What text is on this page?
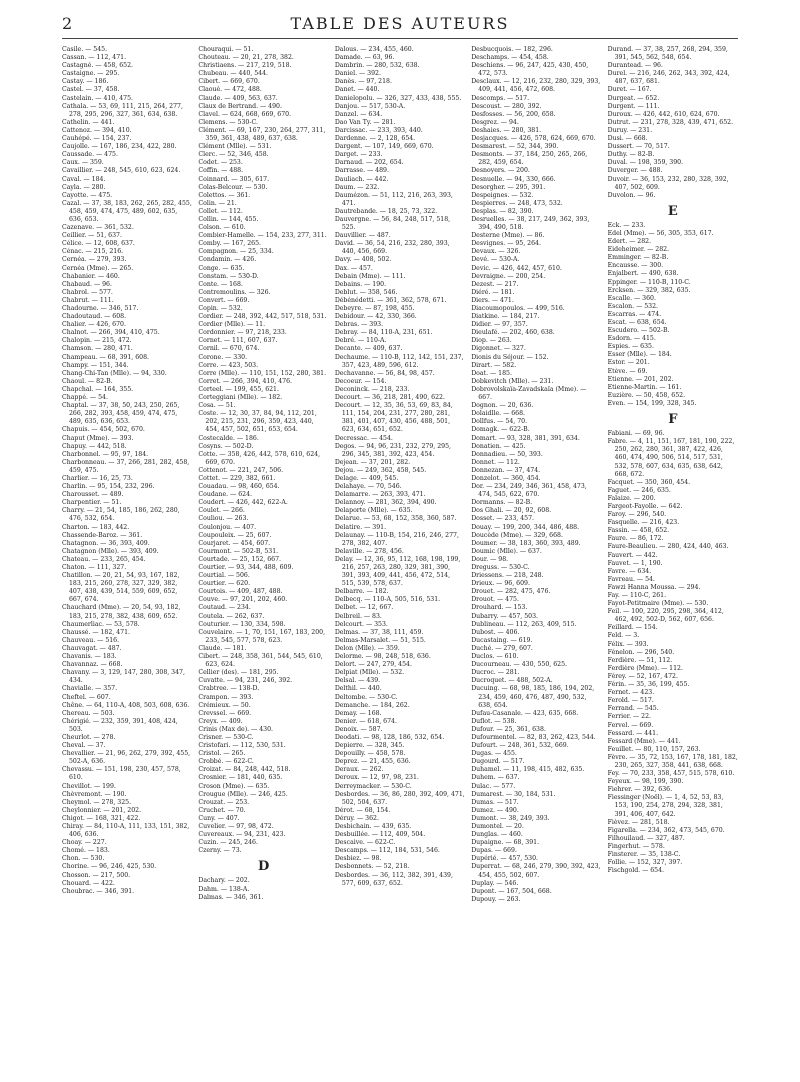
2	TABLE DES AUTEURS
Casile. — 545.
Cassan. — 112, 471.
Castagné. — 458, 652.
Castaigne. — 295.
Castay. — 186.
Castel. — 37, 458.
Castelain. — 410, 475.
Cathala. — 53, 69, 111, 215, 264, 277, 278, 295, 296, 327, 361, 634, 638.
Cathelin. — 441.
Cattenoz. — 394, 410.
Cauhépé. — 154, 237.
Caujolle. — 167, 186, 234, 422, 280.
Caussade. — 475.
Caux. — 359.
Cavaillier. — 248, 545, 610, 623, 624.
Caval. — 184.
Cayla. — 280.
Cayotte. — 475.
Cazal. — 37, 38, 183, 262, 265, 282, 455, 458, 459, 474, 475, 489, 602, 635, 636, 653.
Cazenave. — 361, 532.
Ceillier. — 51, 637.
Célice. — 12, 608, 637.
Cénac. — 215, 216.
Cernéa. — 279, 393.
Cernéa (Mme). — 265.
Chabanier. — 460.
Chabaud. — 96.
Chabrol. — 577.
Chabrut. — 111.
Chadourne. — 346, 517.
Chadoutaud. — 608.
Chalier. — 426, 670.
Chalnot. — 266, 394, 410, 475.
Chalopin. — 215, 472.
Chamson. — 280, 471.
Champeau. — 68, 391, 608.
Champy. — 151, 344.
Chang-Chi-Tan (Mlle). — 94, 330.
Chaoul. — 82-B.
Chapchal. — 164, 355.
Chappé. — 54.
Chaptal. — 37, 38, 50, 243, 250, 265, 266, 282, 393, 458, 459, 474, 475, 489, 635, 636, 653.
Chapuis. — 454, 502, 670.
Chaput (Mme). — 393.
Chapuy. — 442, 518.
Charbonnel. — 95, 97, 184.
Charbonneau. — 37, 266, 281, 282, 458, 459, 475.
Charlier. — 16, 25, 73.
Charlin. — 95, 154, 232, 296.
Charousset. — 489.
Charpentier. — 51.
Charry. — 21, 54, 185, 186, 262, 280, 476, 532, 654.
Charton. — 183, 442.
Chassende-Baroz. — 361.
Chatagnon. — 36, 393, 409.
Chatagnon (Mlle). — 393, 409.
Chateau. — 233, 265, 454.
Chaton. — 111, 327.
Chatillon. — 20, 21, 54, 93, 167, 182, 183, 215, 260, 278, 327, 329, 382, 407, 438, 439, 514, 559, 609, 652, 667, 674.
Chauchard (Mme). — 20, 54, 93, 182, 183, 215, 278, 382, 438, 609, 652.
Chaumerliac. — 53, 578.
Chaussé. — 182, 471.
Chauveau. — 516.
Chauvagat. — 487.
Chavanis. — 183.
Chavannaz. — 668.
Chavany. — 3, 129, 147, 280, 308, 347, 434.
Chavialle. — 357.
Cheftel. — 607.
Chêne. — 64, 110-A, 408, 503, 608, 636.
Chereau. — 503.
Chérigié. — 232, 359, 391, 408, 424, 503.
Cheurlot. — 278.
Cheval. — 37.
Chevallier. — 21, 96, 262, 279, 392, 455, 502-A, 636.
Chevassu. — 151, 198, 230, 457, 578, 610.
Chevillot. — 199.
Chèvremont. — 190.
Cheymol. — 278, 325.
Cheylonnier. — 201, 202.
Chigot. — 168, 321, 422.
Chiray. — 84, 110-A, 111, 133, 151, 382, 406, 636.
Choay. — 227.
Chomé. — 183.
Chon. — 530.
Chorine. — 96, 246, 425, 530.
Chosson. — 217, 500.
Chouard. — 422.
Choubrac. — 346, 391.
Chouraqui. — 51.
Chouteau. — 20, 21, 278, 382.
Christiaens. — 217, 219, 518.
Chubeau. — 440, 544.
Cibert. — 669, 670.
Claoué. — 472, 488.
Claude. — 409, 563, 637.
Claux de Bertrand. — 490.
Clavel. — 624, 668, 669, 670.
Clemens. — 530-C.
Clément. — 69, 167, 230, 264, 277, 311, 359, 361, 438, 489, 637, 638.
Clément (Mlle). — 531.
Clerc. — 52, 346, 458.
Codet. — 253.
Coffin. — 488.
Coinnard. — 305, 617.
Colas-Belcour. — 530.
Colettos. — 361.
Colin. — 21.
Collet. — 112.
Collin. — 144, 455.
Colson. — 610.
Combier-Hamelle. — 154, 233, 277, 311.
Comby. — 167, 265.
Compagnon. — 25, 334.
Condamin. — 426.
Conge. — 635.
Constam. — 530-D.
Conte. — 168.
Contremoulins. — 326.
Convert. — 669.
Copin. — 532.
Cordier. — 248, 392, 442, 517, 518, 531.
Cordier (Mlle). — 11.
Cordonnier. — 97, 218, 233.
Cornet. — 111, 607, 637.
Cornil. — 670, 674.
Corone. — 330.
Corre. — 423, 503.
Corre (Mlle). — 110, 151, 152, 280, 381.
Corret. — 266, 394, 410, 476.
Corteel. — 199, 455, 621.
Corteggiani (Mlle). — 182.
Cosa. — 51.
Coste. — 12, 30, 37, 84, 94, 112, 201, 202, 215, 231, 296, 359, 423, 440, 454, 457, 502, 651, 653, 654.
Costecalde. — 186.
Cosyns. — 502-D.
Cotte. — 358, 426, 442, 578, 610, 624, 669, 670.
Cottenot. — 221, 247, 506.
Cottet. — 229, 382, 661.
Couadau. — 98, 460, 654.
Coudane. — 624.
Coudert. — 426, 442, 622-A.
Coulet. — 266.
Couliou. — 263.
Coulonjou. — 407.
Coupouleix. — 25, 607.
Courjaret. — 454, 607.
Courmont. — 502-B, 531.
Courtade. — 25, 152, 667.
Courtier. — 93, 344, 488, 609.
Courtial. — 506.
Courtier. — 620.
Courtois. — 409, 487, 488.
Couve. — 97, 201, 202, 460.
Coutaud. — 234.
Coutela. — 262, 637.
Couturier. — 130, 334, 598.
Couvelaire. — 1, 70, 151, 167, 183, 200, 233, 545, 577, 578, 623.
Claude. — 181.
Cibert. — 248, 358, 361, 544, 545, 610, 623, 624.
Cellier (des). — 181, 295.
Cuvatte. — 94, 231, 246, 392.
Crabtree. — 138-D.
Crampon. — 393.
Crémieux. — 50.
Crevssel. — 669.
Creyx. — 409.
Crinis (Max de). — 430.
Crisner. — 530-C.
Cristofari. — 112, 530, 531.
Cristol. — 265.
Crobbé. — 622-C.
Croizat. — 84, 248, 442, 518.
Crosnier. — 181, 440, 635.
Croson (Mme). — 635.
Crougue (Mlle). — 246, 425.
Crouzat. — 253.
Cruchet. — 70.
Cuny. — 407.
Cuvelier. — 97, 98, 472.
Cuvereaux. — 94, 231, 423.
Cuzin. — 245, 246.
Czerny. — 73.
D
Dachary. — 202.
Dahm. — 138-A.
Dalmas. — 346, 361.
Dalous. — 234, 455, 460.
Damade. — 63, 96.
Dambrin. — 280, 532, 638.
Daniel. — 392.
Danès. — 97, 218.
Danet. — 440.
Danielopolu. — 326, 327, 433, 438, 555.
Danjou. — 517, 530-A.
Danzel. — 634.
Dao Van Ty. — 281.
Darcissac. — 233, 393, 440.
Dardenne. — 2, 128, 654.
Dargent. — 107, 149, 669, 670.
Darget. — 233.
Darnaud. — 202, 654.
Darrasse. — 489.
Dauliach. — 442.
Daum. — 232.
Daumézon. — 51, 112, 216, 263, 393, 471.
Dautrebande. — 18, 25, 73, 322.
Dauvergne. — 56, 84, 248, 517, 518, 525.
Dauvillier. — 487.
David. — 36, 54, 216, 232, 280, 393, 440, 456, 669.
Davy. — 408, 502.
Dax. — 457.
Debain (Mme). — 111.
Debains. — 190.
Deblut. — 358, 546.
Débénédetti. — 361, 362, 578, 671.
Debeyre. — 87, 198, 455.
Debidour. — 42, 330, 366.
Debras. — 393.
Debray. — 84, 110-A, 231, 651.
Debré. — 110-A.
Decante. — 409, 637.
Dechaume. — 110-B, 112, 142, 151, 237, 357, 423, 489, 596, 612.
Dechavanne. — 56, 84, 98, 457.
Decoeur. — 154.
Deconinck. — 218, 233.
Decourt. — 36, 218, 281, 490, 622.
Decourt. — 12, 35, 36, 53, 69, 83, 84, 111, 154, 204, 231, 277, 280, 281, 381, 401, 407, 430, 456, 488, 501, 623, 634, 651, 652.
Decressac. — 454.
Degos. — 94, 96, 231, 232, 279, 295, 296, 345, 381, 392, 423, 454.
Dejean. — 37, 201, 282.
Dejou. — 249, 362, 458, 545.
Delage. — 409, 545.
Delahaye. — 70, 546.
Delamarre. — 263, 393, 471.
Delannoy. — 281, 362, 394, 490.
Delaporte (Mlle). — 635.
Delarue. — 53, 68, 152, 358, 360, 587.
Delatire. — 391.
Delaunay. — 110-B, 154, 216, 246, 277, 278, 382, 407.
Delaville. — 278, 456.
Delay. — 12, 36, 95, 112, 168, 198, 199, 216, 257, 263, 280, 329, 381, 390, 391, 393, 409, 441, 456, 472, 514, 515, 539, 578, 637.
Delbarre. — 182.
Delbecq. — 110-A, 505, 516, 531.
Delbet. — 12, 667.
Delbreil. — 83.
Delcourt. — 353.
Delmas. — 37, 38, 111, 459.
Delmas-Marsalet. — 51, 515.
Delon (Mlle). — 359.
Delorme. — 98, 248, 518, 636.
Delort. — 247, 279, 454.
Delpiat (Mlle). — 532.
Delsal. — 439.
Delthil. — 440.
Deltombe. — 530-C.
Demanche. — 184, 262.
Demay. — 168.
Denier. — 618, 674.
Denoix. — 587.
Deodati. — 98, 128, 186, 532, 654.
Depierre. — 328, 345.
Depouilly. — 458, 578.
Deprez. — 21, 455, 636.
Deraux. — 262.
Deroux. — 12, 97, 98, 231.
Derreymacker. — 530-C.
Desbordes. — 36, 86, 280, 392, 409, 471, 502, 504, 637.
Dérot. — 68, 154.
Déruy. — 362.
Desbichain. — 439, 635.
Desbuillée. — 112, 409, 504.
Descaive. — 622-C.
Descamps. — 112, 184, 531, 546.
Desbiez. — 98.
Desbonnets. — 52, 218.
Desbordes. — 36, 112, 382, 391, 439, 577, 609, 637, 652.
Desbucquois. — 182, 296.
Deschamps. — 454, 458.
Deschiens. — 96, 247, 425, 430, 450, 472, 573.
Desclaux. — 12, 216, 232, 280, 329, 393, 409, 441, 456, 472, 608.
Descomps. — 517.
Descoust. — 280, 392.
Desfosses. — 56, 200, 658.
Desgrez. — 94.
Deshaies. — 280, 381.
Desjacques. — 426, 578, 624, 669, 670.
Desmarest. — 52, 344, 390.
Desmonts. — 37, 184, 250, 265, 266, 282, 459, 654.
Desnoyers. — 200.
Desnuelle. — 94, 330, 666.
Desorgher. — 295, 391.
Despeignes. — 532.
Despierres. — 248, 473, 532.
Desplas. — 82, 390.
Desruelles. — 38, 217, 249, 362, 393, 394, 490, 518.
Desterne (Mme). — 86.
Desvignes. — 95, 264.
Devaux. — 326.
Devé. — 530-A.
Devic. — 426, 442, 457, 610.
Devraigne. — 200, 254.
Dezest. — 217.
Diéré. — 181.
Diers. — 471.
Diacoumopoulos. — 499, 516.
Diatkine. — 184, 217.
Didier. — 97, 357.
Dieulafé. — 202, 460, 638.
Diop. — 263.
Digonnet. — 327.
Dionis du Séjour. — 152.
Dirart. — 582.
Doat. — 185.
Dobkevitch (Mlle). — 231.
Dobrovolskaïa-Zavadskaïa (Mme). — 667.
Dognon. — 20, 636.
Dolaidlle. — 668.
Dollfus. — 54, 70.
Domagk. — 622-B.
Domart. — 93, 328, 381, 391, 634.
Donatien. — 425.
Donnadieu. — 50, 393.
Donnet. — 112.
Donnezan. — 37, 474.
Donzelot. — 360, 454.
Dor. — 234, 249, 346, 361, 458, 473, 474, 545, 622, 670.
Dormanns. — 82-B.
Dos Ghali. — 20, 92, 608.
Dosset. — 233, 457.
Douay. — 199, 200, 344, 486, 488.
Doucède (Mme). — 329, 668.
Doumer. — 38, 183, 360, 393, 489.
Doumic (Mlle). — 637.
Dour. — 98.
Dreguss. — 530-C.
Driessens. — 218, 248.
Drieux. — 96, 609.
Drouet. — 282, 475, 476.
Drouot. — 475.
Drouhard. — 153.
Dubarry. — 457, 503.
Dublineau. — 112, 263, 409, 515.
Dubost. — 406.
Ducastaing. — 619.
Duché. — 279, 607.
Duclos. — 610.
Ducourneau. — 430, 550, 625.
Ducroc. — 281.
Ducroquet. — 488, 502-A.
Ducuing. — 68, 98, 185, 186, 194, 202, 234, 459, 460, 476, 487, 490, 532, 638, 654.
Dufau-Casanale. — 423, 635, 668.
Duflot. — 538.
Dufour. — 25, 361, 638.
Dufourmentel. — 82, 83, 262, 423, 544.
Dufourt. — 248, 361, 532, 669.
Dugas. — 455.
Dugourd. — 517.
Duhamel. — 11, 198, 415, 482, 635.
Duhem. — 637.
Dulac. — 577.
Dumarest. — 30, 184, 531.
Dumas. — 517.
Dumez. — 490.
Dumont. — 38, 249, 393.
Dumontel. — 20.
Dunglas. — 460.
Dupaigne. — 68, 391.
Dupas. — 669.
Dupérié. — 457, 530.
Duperrat. — 68, 246, 279, 390, 392, 423, 454, 455, 502, 607.
Duplay. — 546.
Dupont. — 167, 504, 668.
Dupouy. — 263.
Durand. — 37, 38, 257, 268, 294, 359, 391, 545, 562, 548, 654.
Durantead. — 96.
Durel. — 216, 246, 262, 343, 392, 424, 487, 637, 681.
Duret. — 167.
Durgeat. — 652.
Durgent. — 111.
Duroux. — 426, 442, 610, 624, 670.
Dutrut. — 231, 278, 328, 439, 471, 652.
Duruy. — 231.
Dusi. — 668.
Dussert. — 70, 517.
Duthy. — 82-B.
Duval. — 198, 359, 390.
Duverger. — 488.
Duvoir. — 36, 153, 232, 280, 328, 392, 407, 502, 609.
Duvolon. — 96.
E
Eck. — 233.
Edel (Mme). — 56, 305, 353, 617.
Edert. — 282.
Eideheimer. — 282.
Emminger. — 82-B.
Encausse. — 300.
Enjalbert. — 490, 638.
Eppinger. — 110-B, 110-C.
Ercksen. — 329, 382, 635.
Escalle. — 360.
Escalon. — 532.
Escarras. — 474.
Escat. — 638, 654.
Escudero. — 502-B.
Esdorn. — 415.
Espies. — 635.
Esser (Mlle). — 184.
Estor. — 201.
Etève. — 69.
Etienne. — 201, 202.
Etienne-Martin. — 161.
Euzière. — 50, 458, 652.
Even. — 154, 199, 328, 345.
F
Fabiani. — 69, 96.
Fabre. — 4, 11, 151, 167, 181, 190, 222, 250, 262, 280, 361, 387, 422, 426, 460, 474, 490, 506, 514, 517, 531, 532, 578, 607, 634, 635, 638, 642, 668, 672.
Facquet. — 350, 360, 454.
Faguet. — 246, 635.
Falaize. — 200.
Fargeot-Fayolle. — 642.
Faroy. — 296, 540.
Fasquelle. — 216, 423.
Fassin. — 458, 652.
Faure. — 86, 172.
Faure-Beaulieu. — 280, 424, 440, 463.
Fauvert. — 442.
Fauvet. — 1, 190.
Favre. — 634.
Favreau. — 54.
Fawzi Hanna Moussa. — 294.
Fay. — 110-C, 261.
Fayot-Petitmaire (Mme). — 530.
Feil. — 100, 220, 295, 298, 364, 412, 462, 492, 502-D, 562, 607, 656.
Feillard. — 154.
Feld. — 3.
Félix. — 393.
Fénelon. — 296, 540.
Ferdière. — 51, 112.
Ferdière (Mme). — 112.
Férey. — 52, 167, 472.
Férin. — 35, 36, 199, 455.
Fernet. — 423.
Ferold. — 517.
Ferrand. — 545.
Ferrier. — 22.
Fervel. — 669.
Fessard. — 441.
Fessard (Mme). — 441.
Feuillet. — 80, 110, 157, 263.
Fèvre. — 35, 72, 153, 167, 178, 181, 182, 230, 265, 327, 358, 441, 638, 668.
Fey. — 70, 233, 358, 457, 515, 578, 610.
Feyeux. — 98, 199, 390.
Fiehrer. — 392, 636.
Fiessinger (Noël). — 1, 4, 52, 53, 83, 153, 190, 254, 278, 294, 328, 381, 391, 406, 407, 642.
Fièvez. — 281, 518.
Figarella. — 234, 362, 473, 545, 670.
Filhouilaud. — 327, 487.
Fingerhut. — 578.
Finsterer. — 35, 138-C.
Follie. — 152, 327, 397.
Fischgold. — 654.
